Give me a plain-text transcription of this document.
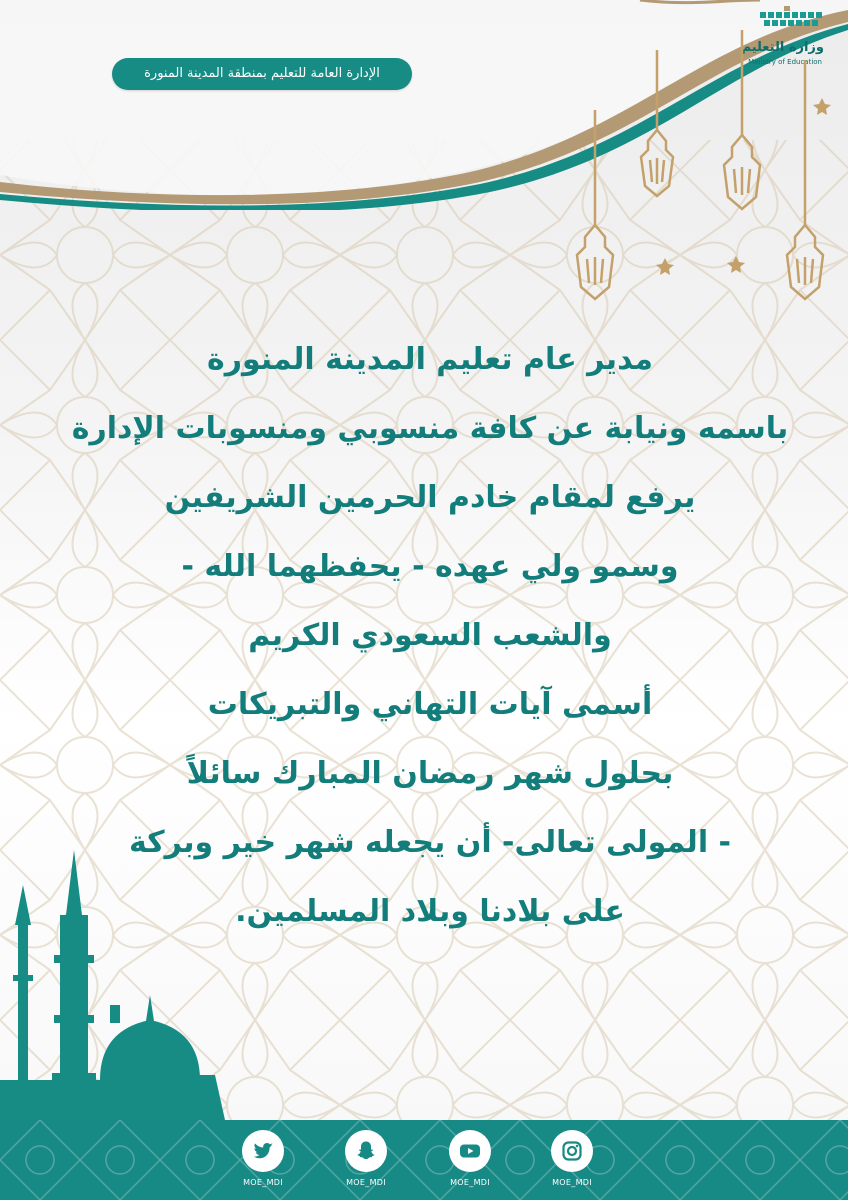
الإدارة العامة للتعليم بمنطقة المدينة المنورة
وزارة التعليم
Ministry of Education
مدير عام تعليم المدينة المنورة
باسمه ونيابة عن كافة منسوبي ومنسوبات الإدارة
يرفع لمقام خادم الحرمين الشريفين
وسمو ولي عهده - يحفظهما الله -
والشعب السعودي الكريم
أسمى آيات التهاني والتبريكات
بحلول شهر رمضان المبارك سائلاً
- المولى تعالى- أن يجعله شهر خير وبركة
على بلادنا وبلاد المسلمين.
MOE_MDI	MOE_MDI	MOE_MDI	MOE_MDI
